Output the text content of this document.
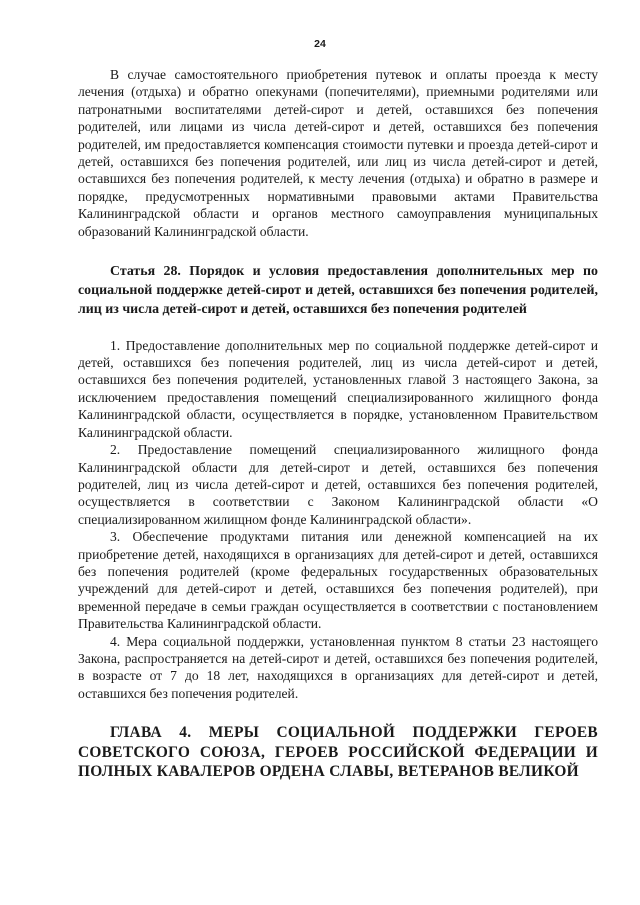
24

В случае самостоятельного приобретения путевок и оплаты проезда к месту лечения (отдыха) и обратно опекунами (попечителями), приемными родителями или патронатными воспитателями детей-сирот и детей, оставшихся без попечения родителей, или лицами из числа детей-сирот и детей, оставшихся без попечения родителей, им предоставляется компенсация стоимости путевки и проезда детей-сирот и детей, оставшихся без попечения родителей, или лиц из числа детей-сирот и детей, оставшихся без попечения родителей, к месту лечения (отдыха) и обратно в размере и порядке, предусмотренных нормативными правовыми актами Правительства Калининградской области и органов местного самоуправления муниципальных образований Калининградской области.

Статья 28. Порядок и условия предоставления дополнительных мер по социальной поддержке детей-сирот и детей, оставшихся без попечения родителей, лиц из числа детей-сирот и детей, оставшихся без попечения родителей

1. Предоставление дополнительных мер по социальной поддержке детей-сирот и детей, оставшихся без попечения родителей, лиц из числа детей-сирот и детей, оставшихся без попечения родителей, установленных главой 3 настоящего Закона, за исключением предоставления помещений специализированного жилищного фонда Калининградской области, осуществляется в порядке, установленном Правительством Калининградской области.

2. Предоставление помещений специализированного жилищного фонда Калининградской области для детей-сирот и детей, оставшихся без попечения родителей, лиц из числа детей-сирот и детей, оставшихся без попечения родителей, осуществляется в соответствии с Законом Калининградской области «О специализированном жилищном фонде Калининградской области».

3. Обеспечение продуктами питания или денежной компенсацией на их приобретение детей, находящихся в организациях для детей-сирот и детей, оставшихся без попечения родителей (кроме федеральных государственных образовательных учреждений для детей-сирот и детей, оставшихся без попечения родителей), при временной передаче в семьи граждан осуществляется в соответствии с постановлением Правительства Калининградской области.

4. Мера социальной поддержки, установленная пунктом 8 статьи 23 настоящего Закона, распространяется на детей-сирот и детей, оставшихся без попечения родителей, в возрасте от 7 до 18 лет, находящихся в организациях для детей-сирот и детей, оставшихся без попечения родителей.

ГЛАВА 4. МЕРЫ СОЦИАЛЬНОЙ ПОДДЕРЖКИ ГЕРОЕВ СОВЕТСКОГО СОЮЗА, ГЕРОЕВ РОССИЙСКОЙ ФЕДЕРАЦИИ И ПОЛНЫХ КАВАЛЕРОВ ОРДЕНА СЛАВЫ, ВЕТЕРАНОВ ВЕЛИКОЙ
